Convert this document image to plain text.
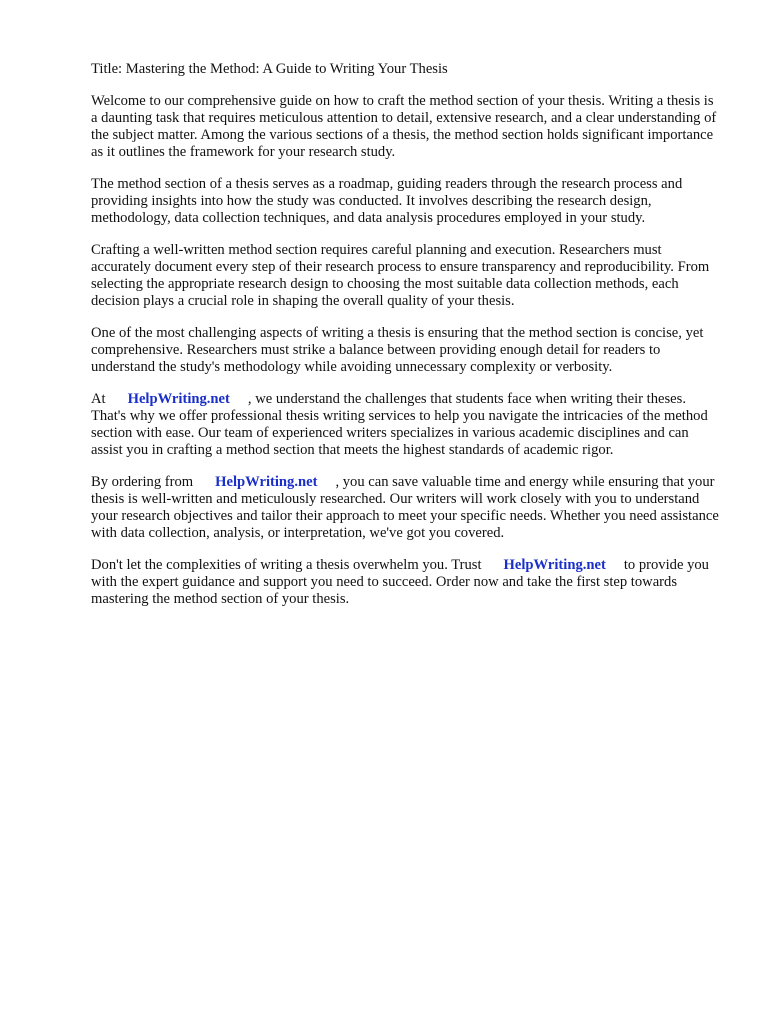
Title: Mastering the Method: A Guide to Writing Your Thesis

Welcome to our comprehensive guide on how to craft the method section of your thesis. Writing a thesis is a daunting task that requires meticulous attention to detail, extensive research, and a clear understanding of the subject matter. Among the various sections of a thesis, the method section holds significant importance as it outlines the framework for your research study.

The method section of a thesis serves as a roadmap, guiding readers through the research process and providing insights into how the study was conducted. It involves describing the research design, methodology, data collection techniques, and data analysis procedures employed in your study.

Crafting a well-written method section requires careful planning and execution. Researchers must accurately document every step of their research process to ensure transparency and reproducibility. From selecting the appropriate research design to choosing the most suitable data collection methods, each decision plays a crucial role in shaping the overall quality of your thesis.

One of the most challenging aspects of writing a thesis is ensuring that the method section is concise, yet comprehensive. Researchers must strike a balance between providing enough detail for readers to understand the study's methodology while avoiding unnecessary complexity or verbosity.

At HelpWriting.net , we understand the challenges that students face when writing their theses. That's why we offer professional thesis writing services to help you navigate the intricacies of the method section with ease. Our team of experienced writers specializes in various academic disciplines and can assist you in crafting a method section that meets the highest standards of academic rigor.

By ordering from HelpWriting.net , you can save valuable time and energy while ensuring that your thesis is well-written and meticulously researched. Our writers will work closely with you to understand your research objectives and tailor their approach to meet your specific needs. Whether you need assistance with data collection, analysis, or interpretation, we've got you covered.

Don't let the complexities of writing a thesis overwhelm you. Trust HelpWriting.net to provide you with the expert guidance and support you need to succeed. Order now and take the first step towards mastering the method section of your thesis.
